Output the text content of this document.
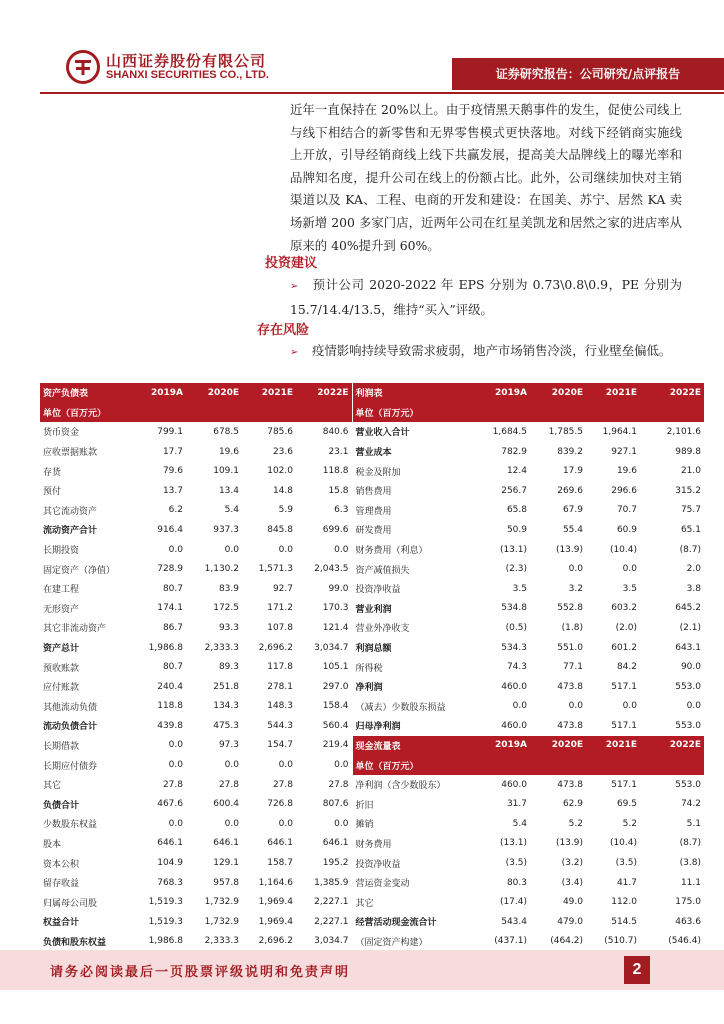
山西证券股份有限公司
SHANXI SECURITIES CO., LTD.	证券研究报告：公司研究/点评报告

近年一直保持在 20%以上。由于疫情黑天鹅事件的发生，促使公司线上与线下相结合的新零售和无界零售模式更快落地。对线下经销商实施线上开放，引导经销商线上线下共赢发展，提高美大品牌线上的曝光率和品牌知名度，提升公司在线上的份额占比。此外，公司继续加快对主销渠道以及 KA、工程、电商的开发和建设：在国美、苏宁、居然 KA 卖场新增 200 多家门店，近两年公司在红星美凯龙和居然之家的进店率从原来的 40%提升到 60%。

投资建议
➢ 预计公司 2020-2022 年 EPS 分别为 0.73\0.8\0.9，PE 分别为 15.7/14.4/13.5，维持“买入”评级。
存在风险
➢ 疫情影响持续导致需求疲弱，地产市场销售冷淡，行业壁垒偏低。
资产负债表	2019A	2020E	2021E	2022E	利润表	2019A	2020E	2021E	2022E
单位（百万元）					单位（百万元）				
货币资金	799.1	678.5	785.6	840.6	营业收入合计	1,684.5	1,785.5	1,964.1	2,101.6
应收票据账款	17.7	19.6	23.6	23.1	营业成本	782.9	839.2	927.1	989.8
存货	79.6	109.1	102.0	118.8	税金及附加	12.4	17.9	19.6	21.0
预付	13.7	13.4	14.8	15.8	销售费用	256.7	269.6	296.6	315.2
其它流动资产	6.2	5.4	5.9	6.3	管理费用	65.8	67.9	70.7	75.7
流动资产合计	916.4	937.3	845.8	699.6	研发费用	50.9	55.4	60.9	65.1
长期投资	0.0	0.0	0.0	0.0	财务费用（利息）	(13.1)	(13.9)	(10.4)	(8.7)
固定资产（净值）	728.9	1,130.2	1,571.3	2,043.5	资产减值损失	(2.3)	0.0	0.0	2.0
在建工程	80.7	83.9	92.7	99.0	投资净收益	3.5	3.2	3.5	3.8
无形资产	174.1	172.5	171.2	170.3	营业利润	534.8	552.8	603.2	645.2
其它非流动资产	86.7	93.3	107.8	121.4	营业外净收支	(0.5)	(1.8)	(2.0)	(2.1)
资产总计	1,986.8	2,333.3	2,696.2	3,034.7	利润总额	534.3	551.0	601.2	643.1
预收账款	80.7	89.3	117.8	105.1	所得税	74.3	77.1	84.2	90.0
应付账款	240.4	251.8	278.1	297.0	净利润	460.0	473.8	517.1	553.0
其他流动负债	118.8	134.3	148.3	158.4	（减去）少数股东损益	0.0	0.0	0.0	0.0
流动负债合计	439.8	475.3	544.3	560.4	归母净利润	460.0	473.8	517.1	553.0
长期借款	0.0	97.3	154.7	219.4	现金流量表	2019A	2020E	2021E	2022E
长期应付债券	0.0	0.0	0.0	0.0	单位（百万元）				
其它	27.8	27.8	27.8	27.8	净利润（含少数股东）	460.0	473.8	517.1	553.0
负债合计	467.6	600.4	726.8	807.6	折旧	31.7	62.9	69.5	74.2
少数股东权益	0.0	0.0	0.0	0.0	摊销	5.4	5.2	5.2	5.1
股本	646.1	646.1	646.1	646.1	财务费用	(13.1)	(13.9)	(10.4)	(8.7)
资本公积	104.9	129.1	158.7	195.2	投资净收益	(3.5)	(3.2)	(3.5)	(3.8)
留存收益	768.3	957.8	1,164.6	1,385.9	营运资金变动	80.3	(3.4)	41.7	11.1
归属母公司股	1,519.3	1,732.9	1,969.4	2,227.1	其它	(17.4)	49.0	112.0	175.0
权益合计	1,519.3	1,732.9	1,969.4	2,227.1	经营活动现金流合计	543.4	479.0	514.5	463.6
负债和股东权益	1,986.8	2,333.3	2,696.2	3,034.7	（固定资产构建）	(437.1)	(464.2)	(510.7)	(546.4)
请务必阅读最后一页股票评级说明和免责声明	2
